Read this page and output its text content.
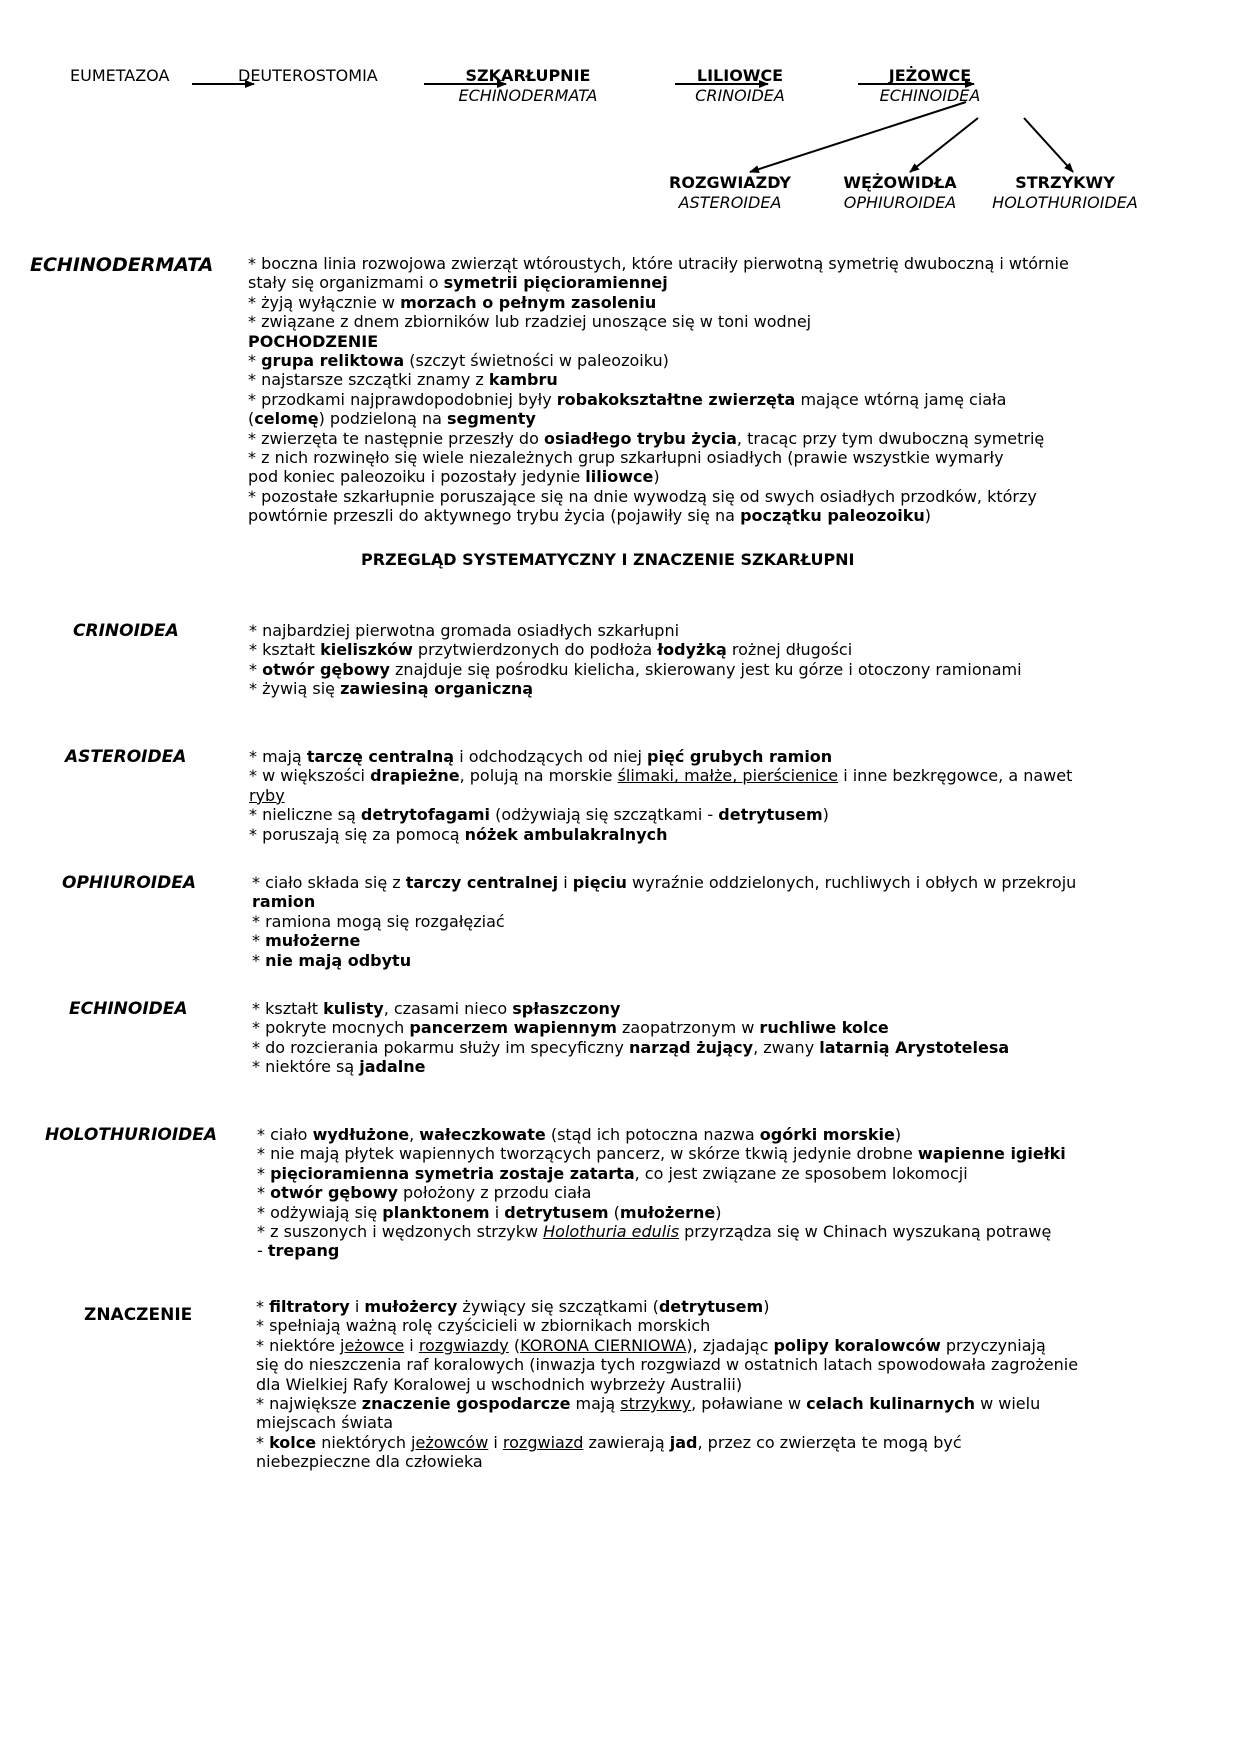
EUMETAZOA	DEUTEROSTOMIA	SZKARŁUPNIE
ECHINODERMATA
LILIOWCE
CRINOIDEA
JEŻOWCE
ECHINOIDEA
ROZGWIAZDY
ASTEROIDEA
WĘŻOWIDŁA
OPHIUROIDEA
STRZYKWY
HOLOTHURIOIDEA
ECHINODERMATA * boczna linia rozwojowa zwierząt wtóroustych, które utraciły pierwotną symetrię dwuboczną i wtórnie

stały się organizmami o symetrii pięcioramiennej

* żyją wyłącznie w morzach o pełnym zasoleniu

* związane z dnem zbiorników lub rzadziej unoszące się w toni wodnej

POCHODZENIE

* grupa reliktowa (szczyt świetności w paleozoiku)

* najstarsze szczątki znamy z kambru

* przodkami najprawdopodobniej były robakokształtne zwierzęta mające wtórną jamę ciała

(celomę) podzieloną na segmenty

* zwierzęta te następnie przeszły do osiadłego trybu życia, tracąc przy tym dwuboczną symetrię

* z nich rozwinęło się wiele niezależnych grup szkarłupni osiadłych (prawie wszystkie wymarły

pod koniec paleozoiku i pozostały jedynie liliowce)

* pozostałe szkarłupnie poruszające się na dnie wywodzą się od swych osiadłych przodków, którzy

powtórnie przeszli do aktywnego trybu życia (pojawiły się na początku paleozoiku)

PRZEGLĄD SYSTEMATYCZNY I ZNACZENIE SZKARŁUPNI
CRINOIDEA	* najbardziej pierwotna gromada osiadłych szkarłupni

* kształt kieliszków przytwierdzonych do podłoża łodyżką rożnej długości

* otwór gębowy znajduje się pośrodku kielicha, skierowany jest ku górze i otoczony ramionami

* żywią się zawiesiną organiczną

ASTEROIDEA	* mają tarczę centralną i odchodzących od niej pięć grubych ramion

* w większości drapieżne, polują na morskie ślimaki, małże, pierścienice i inne bezkręgowce, a nawet

ryby

* nieliczne są detrytofagami (odżywiają się szczątkami - detrytusem)

* poruszają się za pomocą nóżek ambulakralnych

OPHIUROIDEA	* ciało składa się z tarczy centralnej i pięciu wyraźnie oddzielonych, ruchliwych i obłych w przekroju

ramion

* ramiona mogą się rozgałęziać

* mułożerne

* nie mają odbytu

ECHINOIDEA	* kształt kulisty, czasami nieco spłaszczony

* pokryte mocnych pancerzem wapiennym zaopatrzonym w ruchliwe kolce

* do rozcierania pokarmu służy im specyficzny narząd żujący, zwany latarnią Arystotelesa

* niektóre są jadalne

HOLOTHURIOIDEA * ciało wydłużone, wałeczkowate (stąd ich potoczna nazwa ogórki morskie)

* nie mają płytek wapiennych tworzących pancerz, w skórze tkwią jedynie drobne wapienne igiełki

* pięcioramienna symetria zostaje zatarta, co jest związane ze sposobem lokomocji

* otwór gębowy położony z przodu ciała

* odżywiają się planktonem i detrytusem (mułożerne)

* z suszonych i wędzonych strzykw Holothuria edulis przyrządza się w Chinach wyszukaną potrawę

- trepang

ZNACZENIE	* filtratory i mułożercy żywiący się szczątkami (detrytusem)

* spełniają ważną rolę czyścicieli w zbiornikach morskich

* niektóre jeżowce i rozgwiazdy (KORONA CIERNIOWA), zjadając polipy koralowców przyczyniają

się do nieszczenia raf koralowych (inwazja tych rozgwiazd w ostatnich latach spowodowała zagrożenie

dla Wielkiej Rafy Koralowej u wschodnich wybrzeży Australii)

* największe znaczenie gospodarcze mają strzykwy, poławiane w celach kulinarnych w wielu

miejscach świata

* kolce niektórych jeżowców i rozgwiazd zawierają jad, przez co zwierzęta te mogą być

niebezpieczne dla człowieka
